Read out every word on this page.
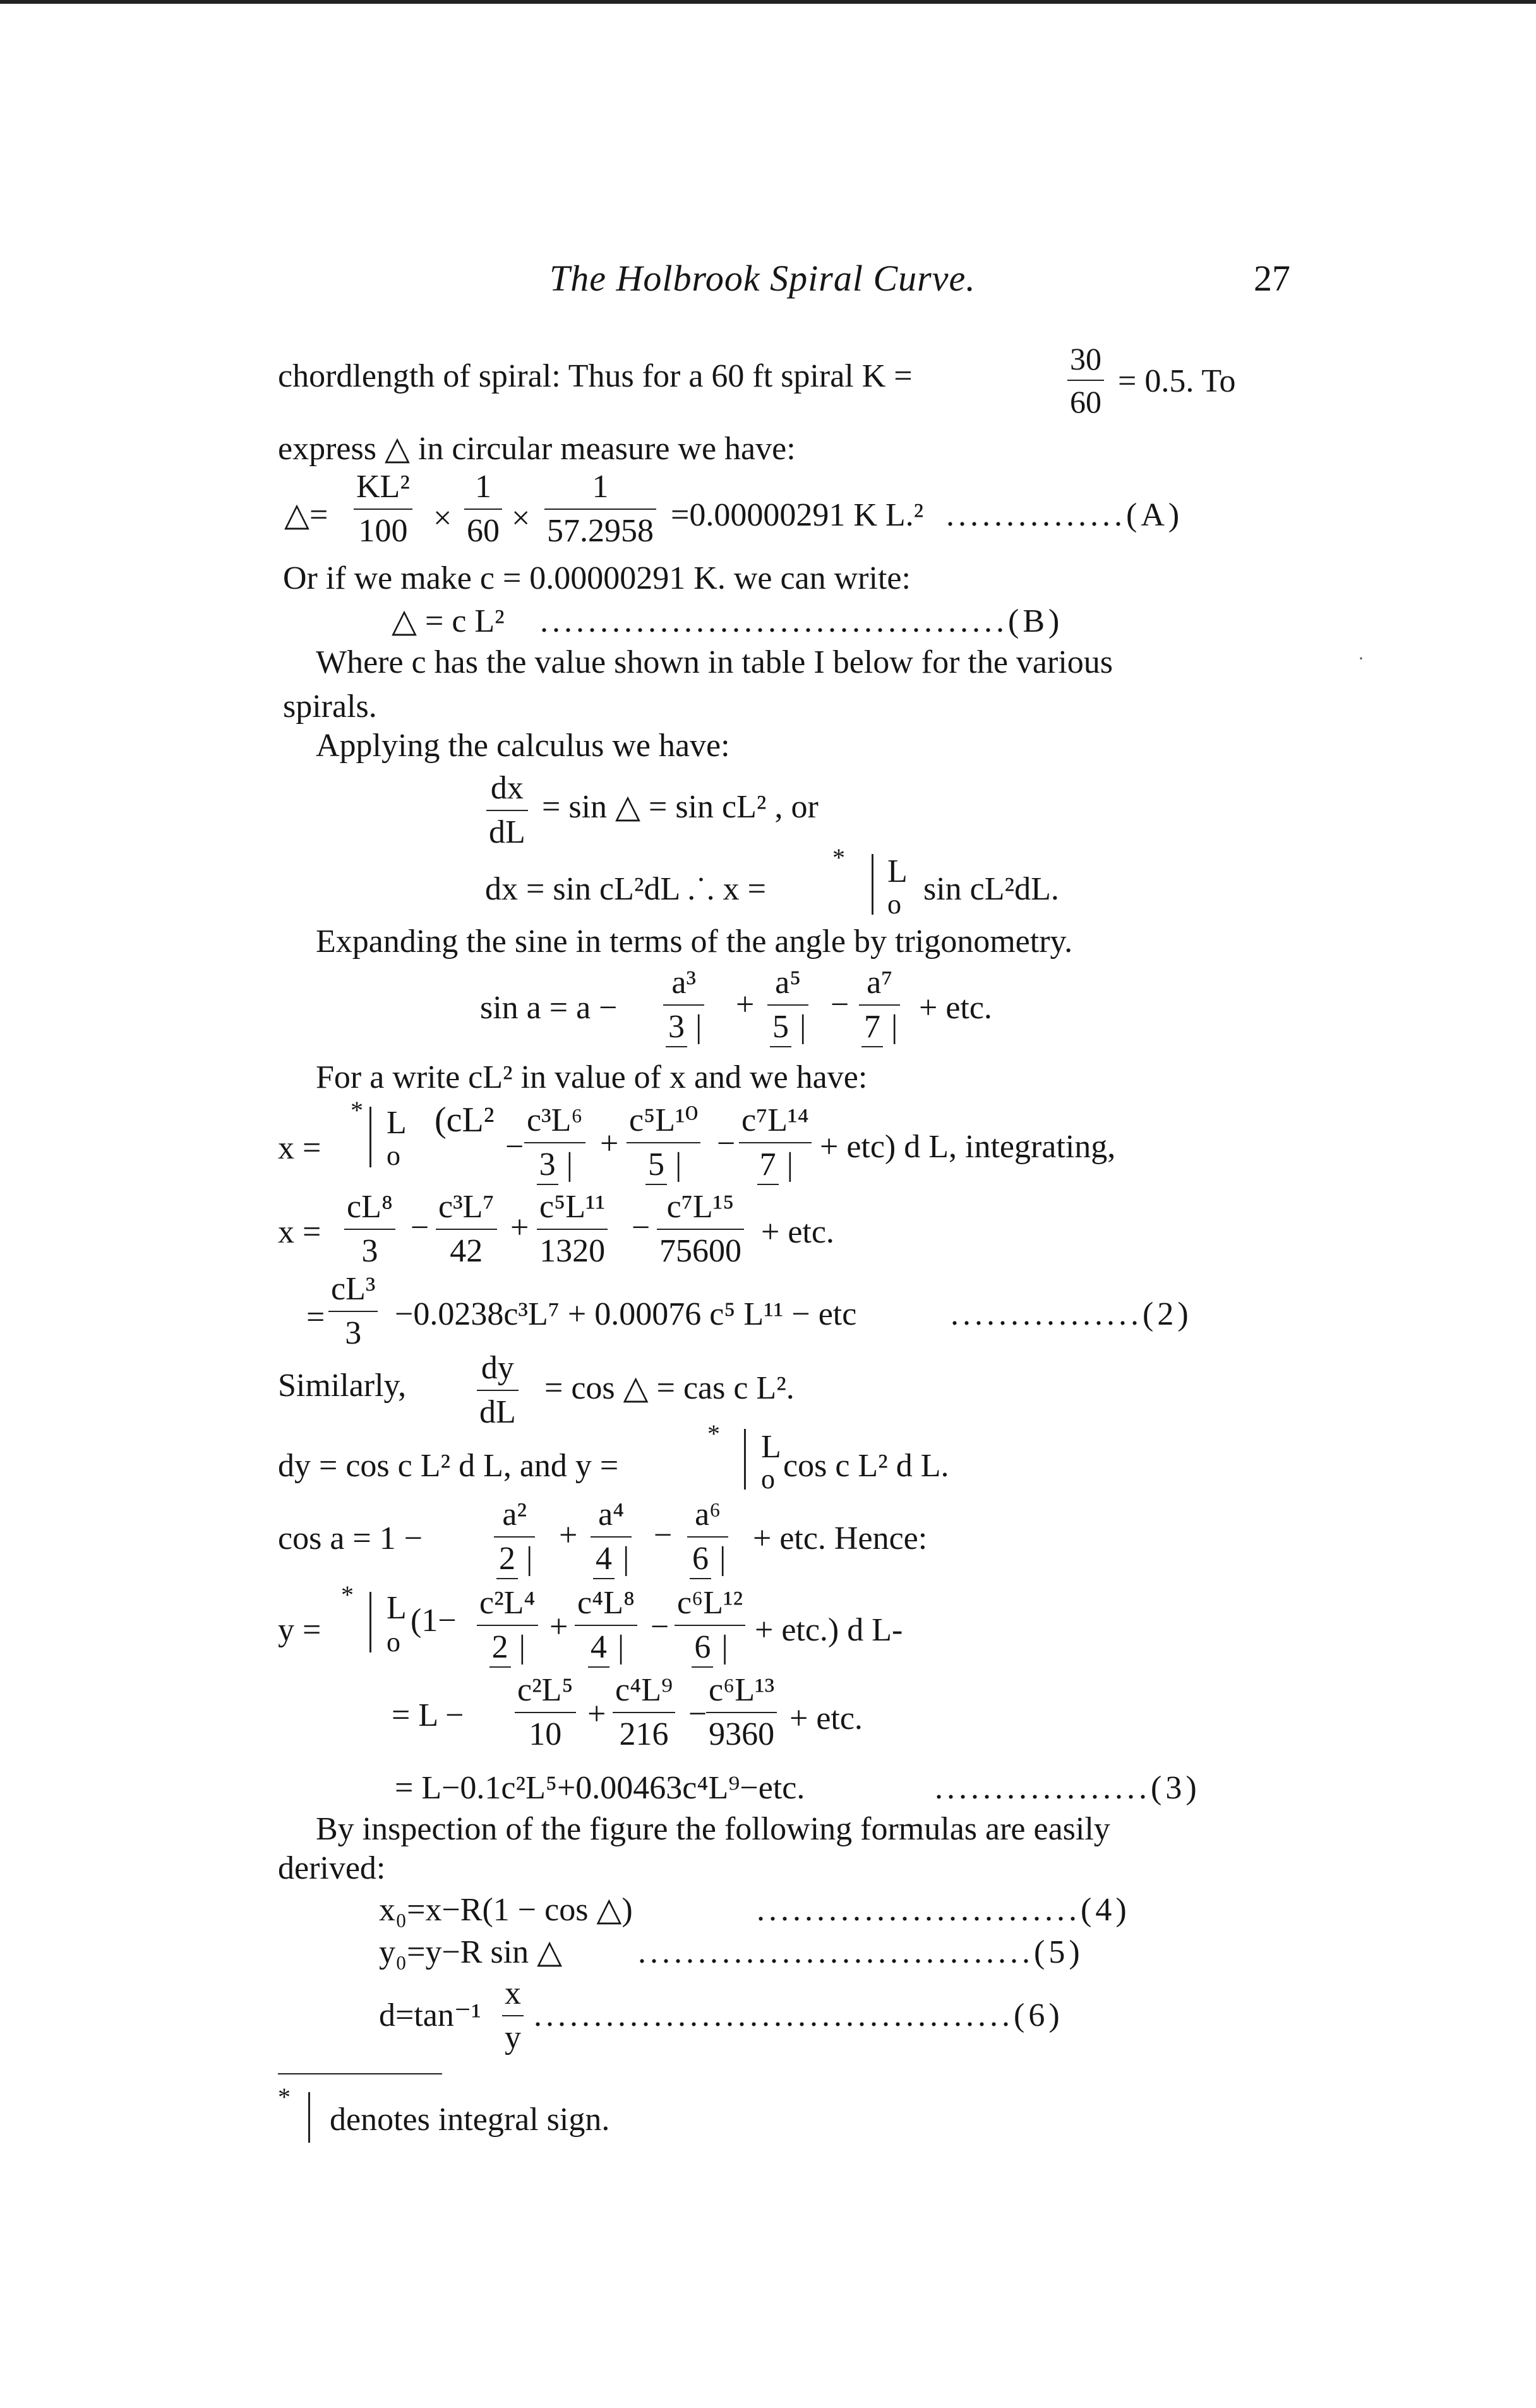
The Holbrook Spiral Curve.	27
chordlength of spiral: Thus for a 60 ft spiral K =	$\frac{30}{60} = 0.5$. To
express △ in circular measure we have:
△= $\frac{\text{KL²}}{100} \times \frac{1}{60} \times \frac{1}{57.2958} =0.00000291$ K L.² ...............(A)
Or if we make c = 0.00000291 K. we can write:
△ = c L² .......................................(B)
Where c has the value shown in table I below for the various	·
spirals.
Applying the calculus we have:
$\frac{dx}{dL} = \sin$ △ = sin cL² , or
dx = sin cL²dL .˙. x =
* L
o sin cL²dL.
Expanding the sine in terms of the angle by trigonometry.
$\sin a = a - \frac{\text{a³}}{3 |} + \frac{\text{a⁵}}{5 |} - \frac{\text{a⁷}}{7 |}$ + etc.
For a write cL² in value of x and we have:
x =
* L
o
(cL²
− $\frac{\text{c³L⁶}}{3 |} + \frac{\text{c⁵L¹⁰}}{5 |} - \frac{\text{c⁷L¹⁴}}{7 |} + etc$) d L, integrating,
$x = \frac{\text{cL⁸}}{3} - \frac{\text{c³L⁷}}{42} + \frac{\text{c⁵L¹¹}}{1320} - \frac{\text{c⁷L¹⁵}}{75600}$ + etc.
= $\frac{\text{cL³}}{3} -0.0238c^3L^7 + 0.00076$ c⁵ L¹¹ − etc	................(2)
Similarly, $\frac{dy}{dL} = \cos$ △ = cas c L².
dy = cos c L² d L, and y =
* L
o cos c L² d L.
$\cos a = 1 - \frac{\text{a²}}{2 |} + \frac{\text{a⁴}}{4 |} - \frac{\text{a⁶}}{6 |}$ + etc. Hence:
y =
* L
o
$(1- \frac{\text{c²L⁴}}{2 |} + \frac{\text{c⁴L⁸}}{4 |} - \frac{\text{c⁶L¹²}}{6 |} + etc.)$ d L-
= $L - \frac{\text{c²L⁵}}{10} + \frac{\text{c⁴L⁹}}{216}$ −
$\frac{\text{c⁶L¹³}}{9360}$ + etc.
= L−0.1c²L⁵+0.00463c⁴L⁹−etc.	..................(3)
By inspection of the figure the following formulas are easily
derived:
x₀=x−R(1 − cos △)	...........................(4)
y₀=y−R sin △ .................................(5)
$d=\tan^{-1} \frac{x}{y} ........................................(6)$
*
denotes integral sign.
